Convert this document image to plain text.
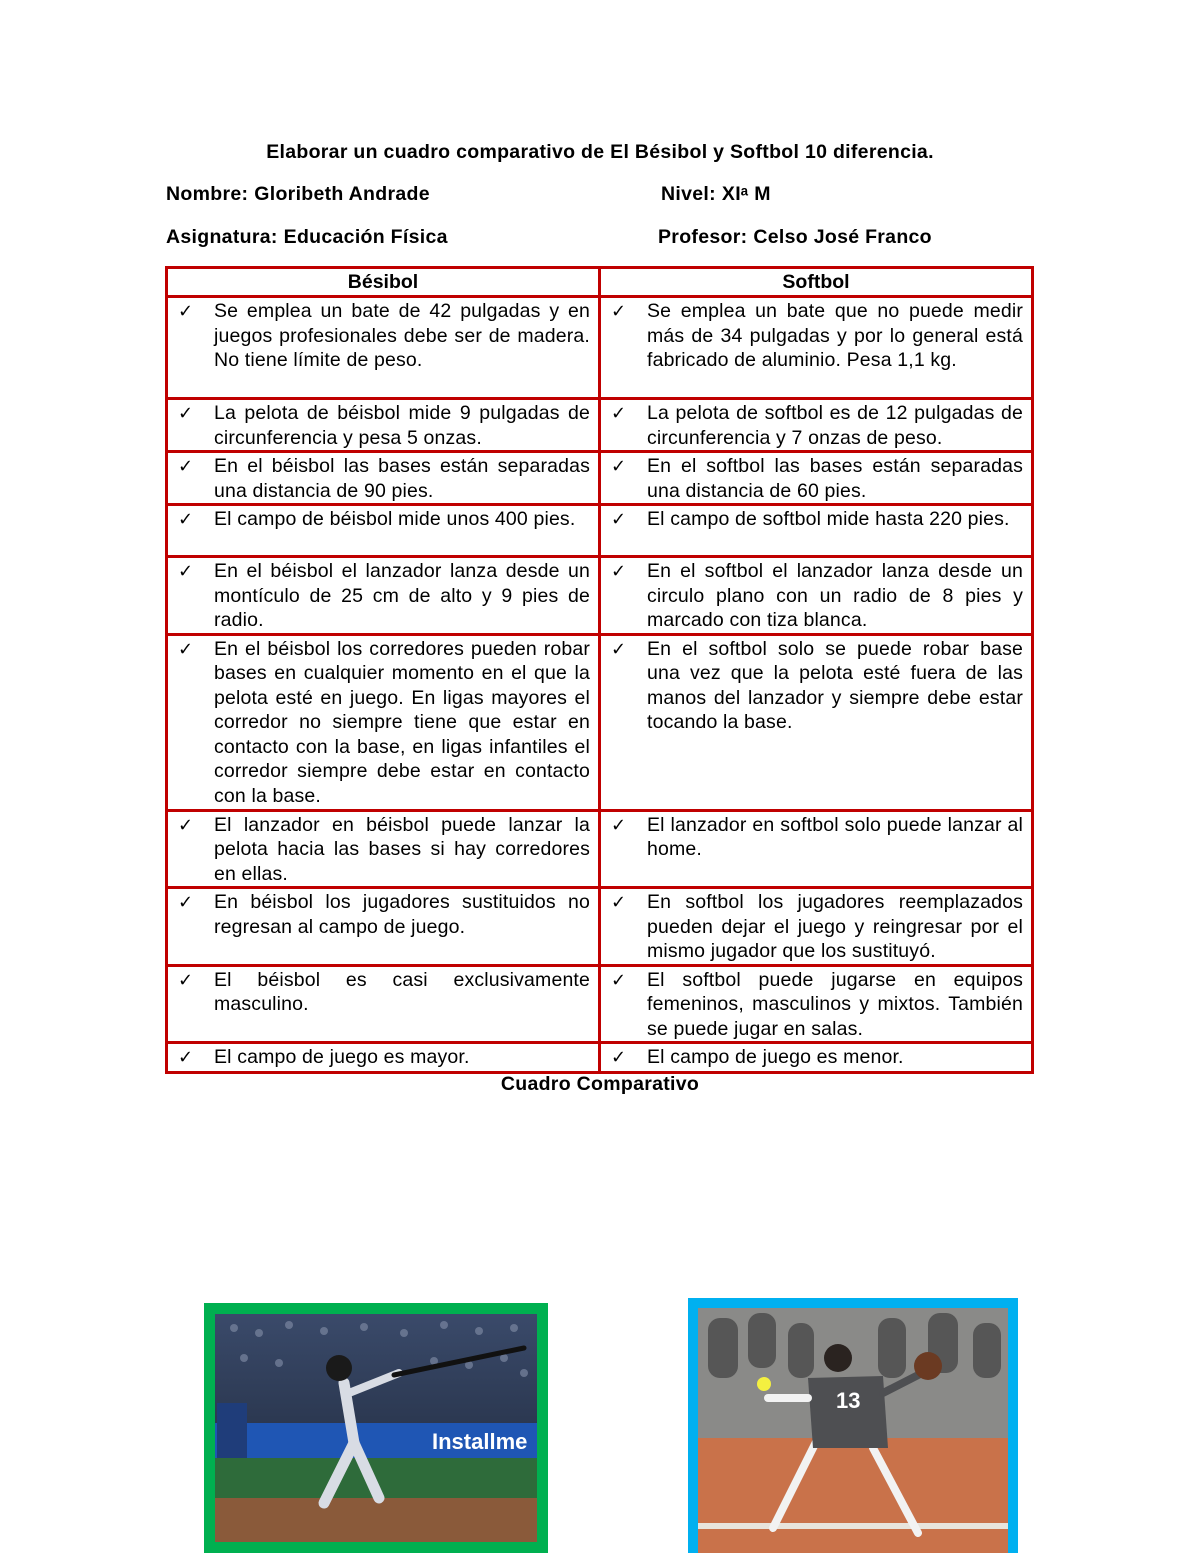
Elaborar un cuadro comparativo de El Bésibol y Softbol 10 diferencia.
Nombre: Gloribeth Andrade	Nivel: XIᵃ M
Asignatura: Educación Física	Profesor: Celso José Franco
Bésibol	Softbol

✓ Se emplea un bate de 42 pulgadas y en juegos profesionales debe ser de madera. No tiene límite de peso.	✓ Se emplea un bate que no puede medir más de 34 pulgadas y por lo general está fabricado de aluminio. Pesa 1,1 kg.

✓ La pelota de béisbol mide 9 pulgadas de circunferencia y pesa 5 onzas.	✓ La pelota de softbol es de 12 pulgadas de circunferencia y 7 onzas de peso.

✓ En el béisbol las bases están separadas una distancia de 90 pies.	✓ En el softbol las bases están separadas una distancia de 60 pies.

✓ El campo de béisbol mide unos 400 pies.	✓ El campo de softbol mide hasta 220 pies.

✓ En el béisbol el lanzador lanza desde un montículo de 25 cm de alto y 9 pies de radio.	✓ En el softbol el lanzador lanza desde un circulo plano con un radio de 8 pies y marcado con tiza blanca.

✓ En el béisbol los corredores pueden robar bases en cualquier momento en el que la pelota esté en juego. En ligas mayores el corredor no siempre tiene que estar en contacto con la base, en ligas infantiles el corredor siempre debe estar en contacto con la base.	✓ En el softbol solo se puede robar base una vez que la pelota esté fuera de las manos del lanzador y siempre debe estar tocando la base.

✓ El lanzador en béisbol puede lanzar la pelota hacia las bases si hay corredores en ellas.	✓ El lanzador en softbol solo puede lanzar al home.

✓ En béisbol los jugadores sustituidos no regresan al campo de juego.	✓ En softbol los jugadores reemplazados pueden dejar el juego y reingresar por el mismo jugador que los sustituyó.

✓ El béisbol es casi exclusivamente masculino.	✓ El softbol puede jugarse en equipos femeninos, masculinos y mixtos. También se puede jugar en salas.

✓ El campo de juego es mayor.	✓ El campo de juego es menor.
Cuadro Comparativo
Installme
13
